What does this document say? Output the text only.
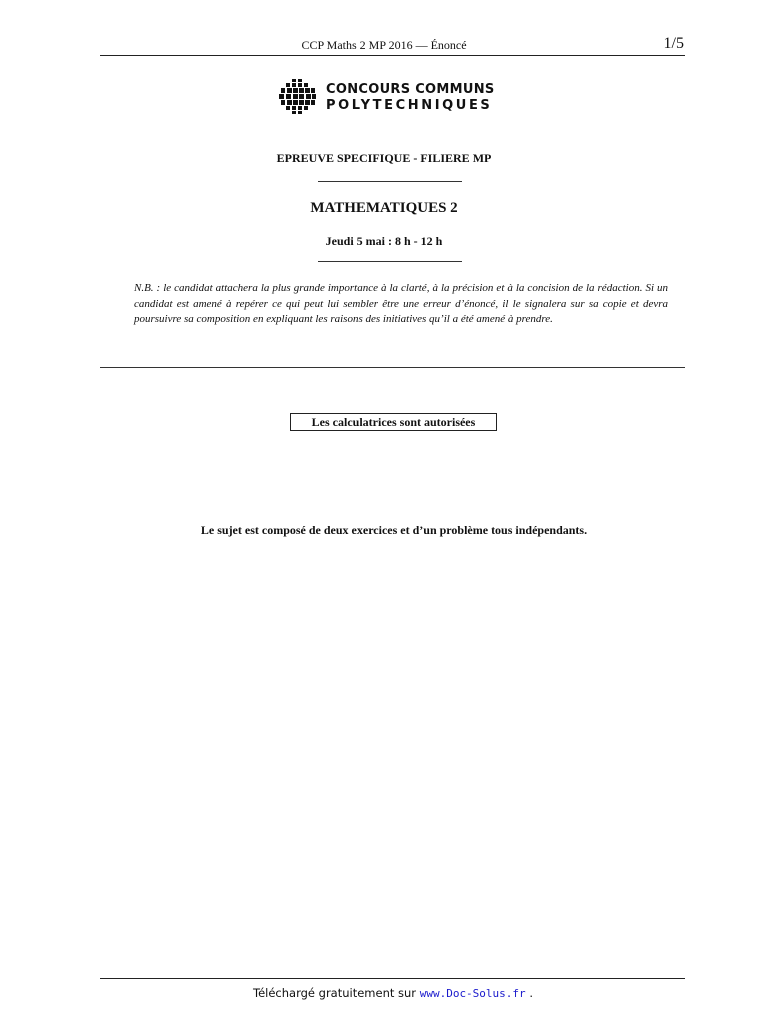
CCP Maths 2 MP 2016 — Énoncé	1/5
CONCOURS COMMUNS
POLYTECHNIQUES
EPREUVE SPECIFIQUE - FILIERE MP
MATHEMATIQUES 2
Jeudi 5 mai : 8 h - 12 h
N.B. : le candidat attachera la plus grande importance à la clarté, à la précision et à la concision de la rédaction. Si un candidat est amené à repérer ce qui peut lui sembler être une erreur d’énoncé, il le signalera sur sa copie et devra poursuivre sa composition en expliquant les raisons des initiatives qu’il a été amené à prendre.
Les calculatrices sont autorisées
Le sujet est composé de deux exercices et d’un problème tous indépendants.
Téléchargé gratuitement sur www.Doc-Solus.fr .
